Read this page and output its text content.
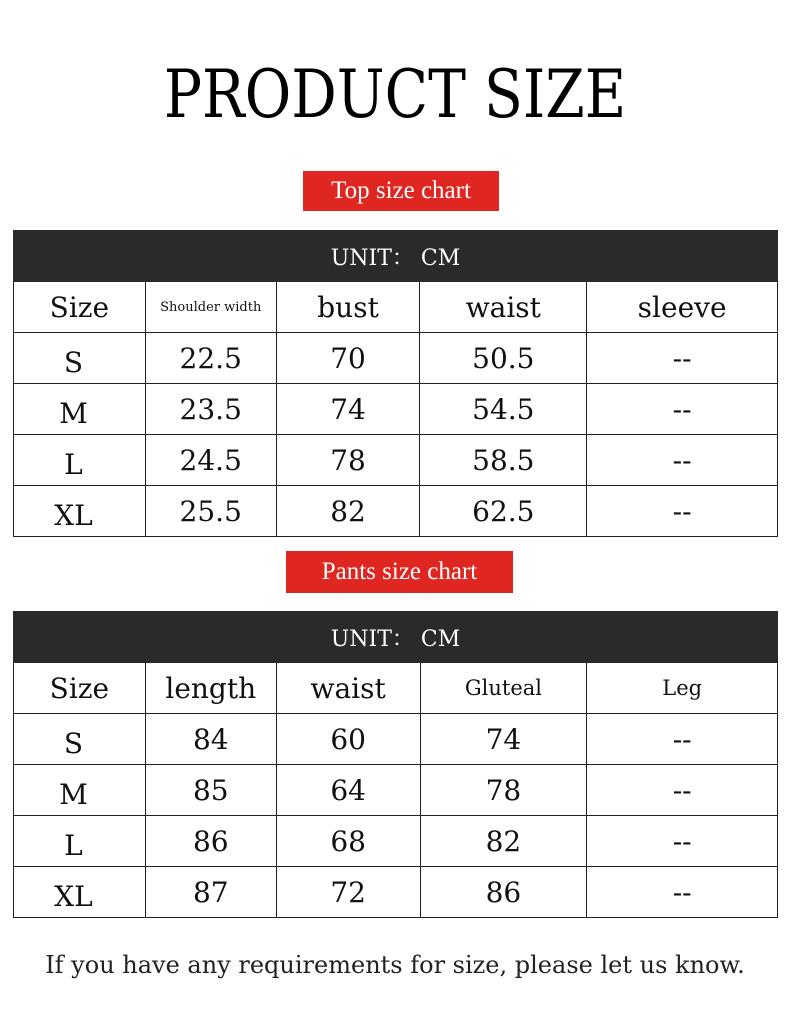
PRODUCT SIZE
Top size chart
UNIT： CM				
Size	Shoulder width	bust	waist	sleeve
S	22.5	70	50.5	--
M	23.5	74	54.5	--
L	24.5	78	58.5	--
XL	25.5	82	62.5	--
Pants size chart
UNIT： CM				
Size	length	waist	Gluteal	Leg
S	84	60	74	--
M	85	64	78	--
L	86	68	82	--
XL	87	72	86	--
If you have any requirements for size, please let us know.
